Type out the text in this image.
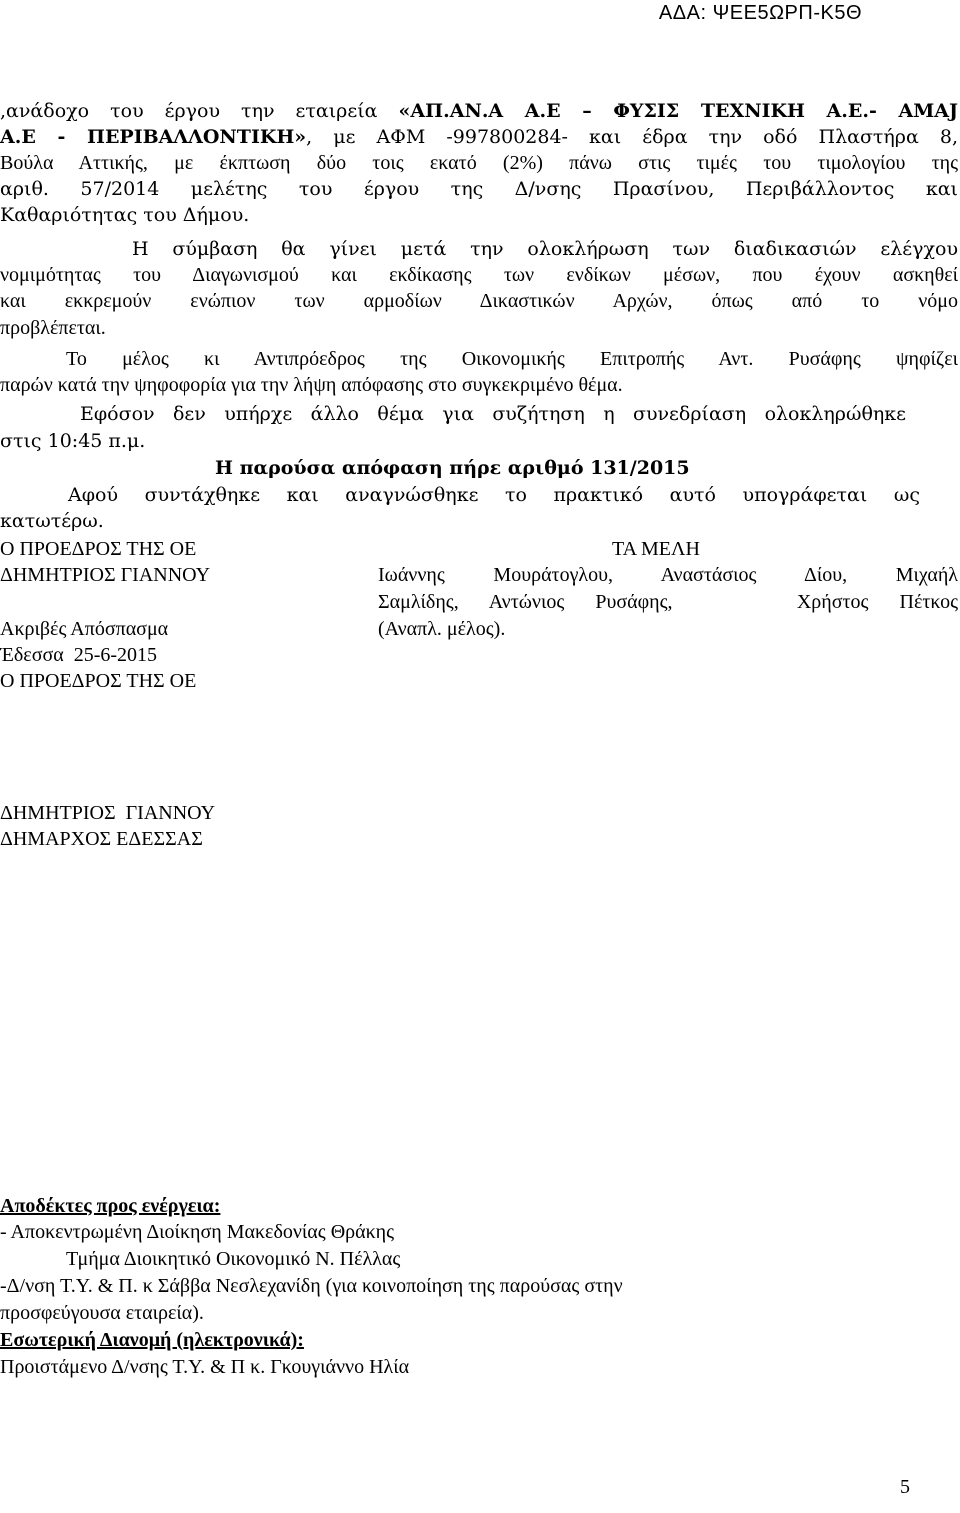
ΑΔΑ: ΨΕΕ5ΩΡΠ-Κ5Θ
,ανάδοχο του έργου την εταιρεία «ΑΠ.ΑΝ.Α Α.Ε – ΦΥΣΙΣ ΤΕΧΝΙΚΗ Α.Ε.- AMAJ
Α.Ε - ΠΕΡΙΒΑΛΛΟΝΤΙΚΗ», με ΑΦΜ -997800284- και έδρα την οδό Πλαστήρα 8,
Βούλα Αττικής, με έκπτωση δύο τοις εκατό (2%) πάνω στις τιμές του τιμολογίου της
αριθ. 57/2014 μελέτης του έργου της Δ/νσης Πρασίνου, Περιβάλλοντος και
Καθαριότητας του Δήμου.
Η σύμβαση θα γίνει μετά την ολοκλήρωση των διαδικασιών ελέγχου
νομιμότητας του Διαγωνισμού και εκδίκασης των ενδίκων μέσων, που έχουν ασκηθεί
και εκκρεμούν ενώπιον των αρμοδίων Δικαστικών Αρχών, όπως από το νόμο
προβλέπεται.
Το μέλος κι Αντιπρόεδρος της Οικονομικής Επιτροπής Αντ. Ρυσάφης ψηφίζει
παρών κατά την ψηφοφορία για την λήψη απόφασης στο συγκεκριμένο θέμα.
Εφόσον δεν υπήρχε άλλο θέμα για συζήτηση η συνεδρίαση ολοκληρώθηκε
στις 10:45 π.μ.
Η παρούσα απόφαση πήρε αριθμό 131/2015
Αφού συντάχθηκε και αναγνώσθηκε το πρακτικό αυτό υπογράφεται ως
κατωτέρω.
Ο ΠΡΟΕΔΡΟΣ ΤΗΣ ΟΕ	ΤΑ ΜΕΛΗ
ΔΗΜΗΤΡΙΟΣ ΓΙΑΝΝΟΥ	Ιωάννης Μουράτογλου, Αναστάσιος Δίου, Μιχαήλ
Σαμλίδης, Αντώνιος Ρυσάφης,    Χρήστος Πέτκος
Ακριβές Απόσπασμα	(Αναπλ. μέλος).
Έδεσσα  25-6-2015
Ο ΠΡΟΕΔΡΟΣ ΤΗΣ ΟΕ
ΔΗΜΗΤΡΙΟΣ  ΓΙΑΝΝΟΥ
ΔΗΜΑΡΧΟΣ ΕΔΕΣΣΑΣ
Αποδέκτες προς ενέργεια:
- Αποκεντρωμένη Διοίκηση Μακεδονίας Θράκης
Τμήμα Διοικητικό Οικονομικό Ν. Πέλλας
-Δ/νση Τ.Υ. & Π. κ Σάββα Νεσλεχανίδη (για κοινοποίηση της παρούσας στην
προσφεύγουσα εταιρεία).
Εσωτερική Διανομή (ηλεκτρονικά):
Προιστάμενο Δ/νσης Τ.Υ. & Π κ. Γκουγιάννο Ηλία
5
